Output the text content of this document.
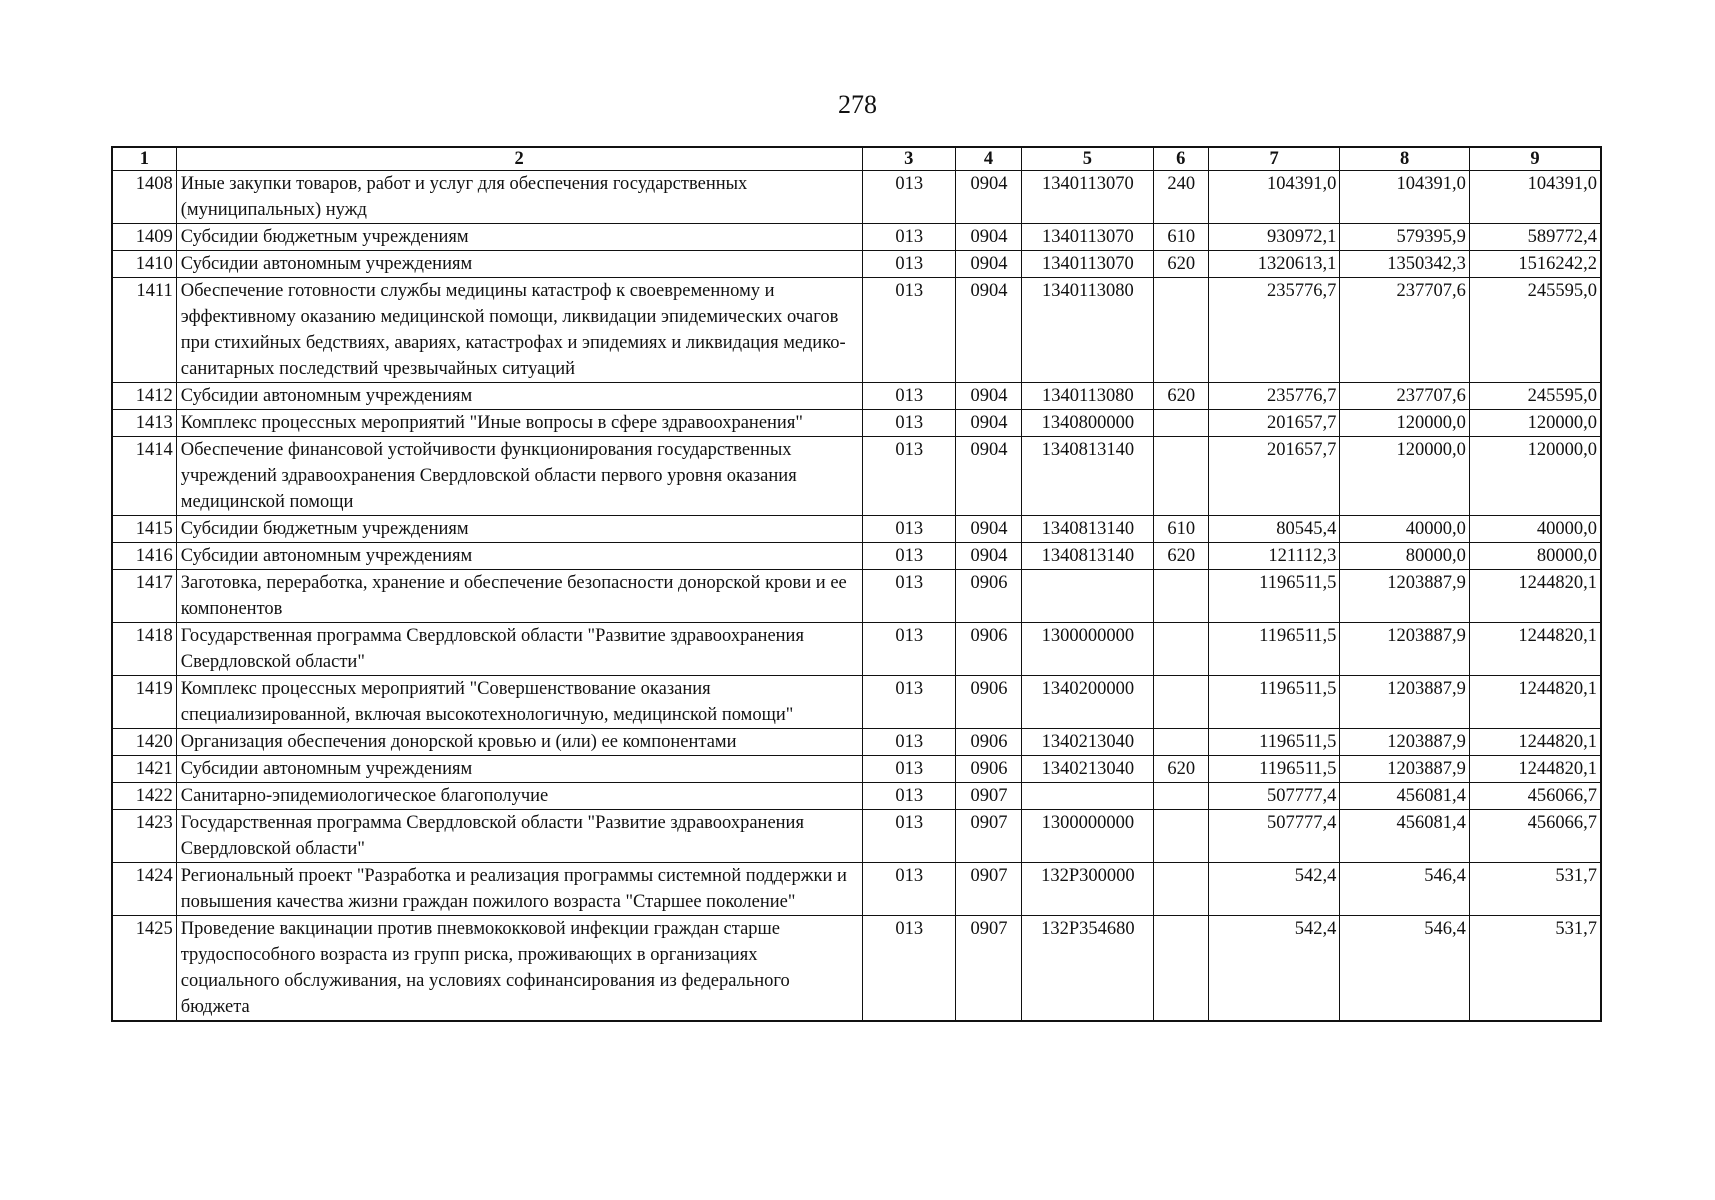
278
1	2	3	4	5	6	7	8	9
1408	Иные закупки товаров, работ и услуг для обеспечения государственных (муниципальных) нужд	013	0904	1340113070	240	104391,0	104391,0	104391,0
1409	Субсидии бюджетным учреждениям	013	0904	1340113070	610	930972,1	579395,9	589772,4
1410	Субсидии автономным учреждениям	013	0904	1340113070	620	1320613,1	1350342,3	1516242,2
1411	Обеспечение готовности службы медицины катастроф к своевременному и эффективному оказанию медицинской помощи, ликвидации эпидемических очагов при стихийных бедствиях, авариях, катастрофах и эпидемиях и ликвидация медико-санитарных последствий чрезвычайных ситуаций	013	0904	1340113080		235776,7	237707,6	245595,0
1412	Субсидии автономным учреждениям	013	0904	1340113080	620	235776,7	237707,6	245595,0
1413	Комплекс процессных мероприятий "Иные вопросы в сфере здравоохранения"	013	0904	1340800000		201657,7	120000,0	120000,0
1414	Обеспечение финансовой устойчивости функционирования государственных учреждений здравоохранения Свердловской области первого уровня оказания медицинской помощи	013	0904	1340813140		201657,7	120000,0	120000,0
1415	Субсидии бюджетным учреждениям	013	0904	1340813140	610	80545,4	40000,0	40000,0
1416	Субсидии автономным учреждениям	013	0904	1340813140	620	121112,3	80000,0	80000,0
1417	Заготовка, переработка, хранение и обеспечение безопасности донорской крови и ее компонентов	013	0906			1196511,5	1203887,9	1244820,1
1418	Государственная программа Свердловской области "Развитие здравоохранения Свердловской области"	013	0906	1300000000		1196511,5	1203887,9	1244820,1
1419	Комплекс процессных мероприятий "Совершенствование оказания специализированной, включая высокотехнологичную, медицинской помощи"	013	0906	1340200000		1196511,5	1203887,9	1244820,1
1420	Организация обеспечения донорской кровью и (или) ее компонентами	013	0906	1340213040		1196511,5	1203887,9	1244820,1
1421	Субсидии автономным учреждениям	013	0906	1340213040	620	1196511,5	1203887,9	1244820,1
1422	Санитарно-эпидемиологическое благополучие	013	0907			507777,4	456081,4	456066,7
1423	Государственная программа Свердловской области "Развитие здравоохранения Свердловской области"	013	0907	1300000000		507777,4	456081,4	456066,7
1424	Региональный проект "Разработка и реализация программы системной поддержки и повышения качества жизни граждан пожилого возраста "Старшее поколение"	013	0907	132P300000		542,4	546,4	531,7
1425	Проведение вакцинации против пневмококковой инфекции граждан старше трудоспособного возраста из групп риска, проживающих в организациях социального обслуживания, на условиях софинансирования из федерального бюджета	013	0907	132P354680		542,4	546,4	531,7
